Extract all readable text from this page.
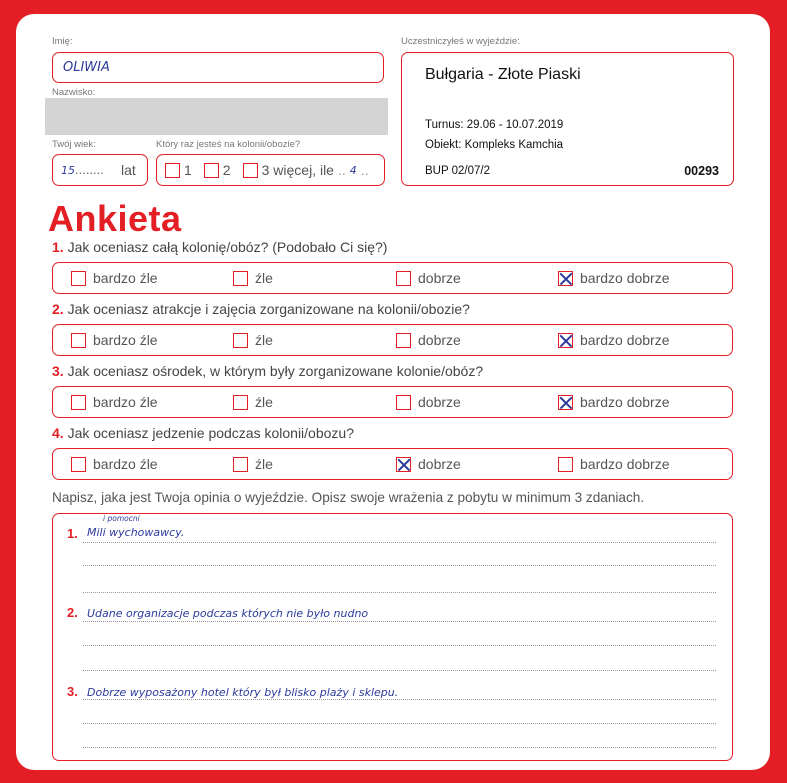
Imię:
OLIWIA
Nazwisko:
Twój wiek:
15........ lat
Który raz jesteś na kolonii/obozie?
1 2 3 więcej, ile .. 4 ..
Uczestniczyłeś w wyjeździe:
Bułgaria - Złote Piaski
Turnus: 29.06 - 10.07.2019
Obiekt: Kompleks Kamchia
BUP 02/07/2	00293
Ankieta
1. Jak oceniasz całą kolonię/obóz? (Podobało Ci się?)
bardzo źle	źle	dobrze	bardzo dobrze
2. Jak oceniasz atrakcje i zajęcia zorganizowane na kolonii/obozie?
bardzo źle	źle	dobrze	bardzo dobrze
3. Jak oceniasz ośrodek, w którym były zorganizowane kolonie/obóz?
bardzo źle	źle	dobrze	bardzo dobrze
4. Jak oceniasz jedzenie podczas kolonii/obozu?
bardzo źle	źle	dobrze	bardzo dobrze
Napisz, jaka jest Twoja opinia o wyjeździe. Opisz swoje wrażenia z pobytu w minimum 3 zdaniach.
1.
i pomocni
Mili wychowawcy.
2. Udane organizacje podczas których nie było nudno
3. Dobrze wyposażony hotel który był blisko plaży i sklepu.
